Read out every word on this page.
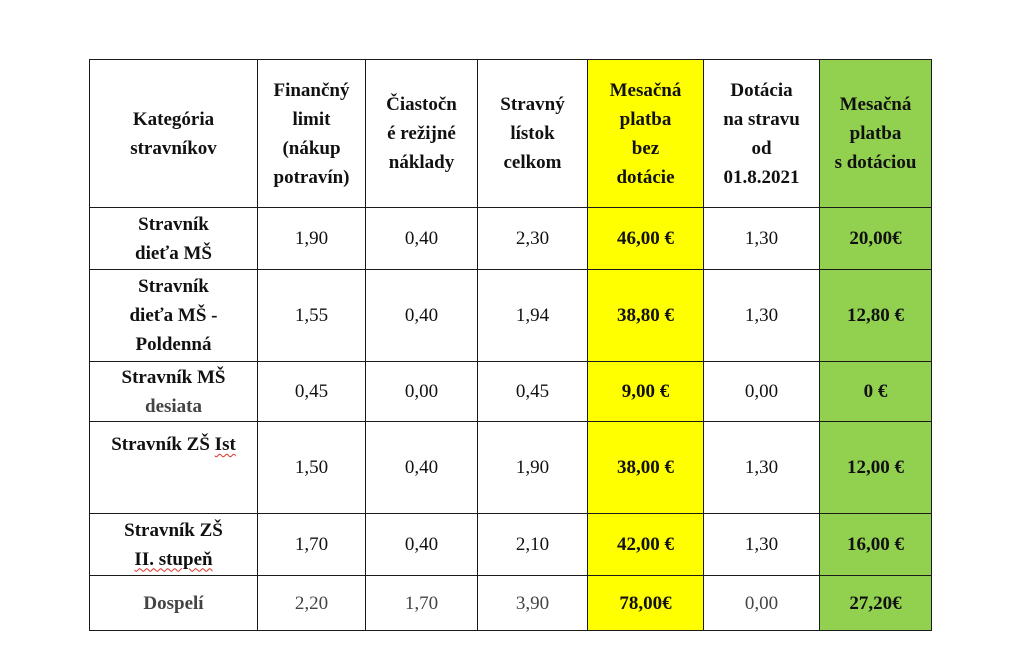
Kategória
stravníkov	Finančný
limit
(nákup
potravín)	Čiastočn
é režijné
náklady	Stravný
lístok
celkom	Mesačná
platba
bez
dotácie	Dotácia
na stravu
od
01.8.2021	Mesačná
platba
s dotáciou
Stravník
dieťa MŠ	1,90	0,40	2,30	46,00 €	1,30	20,00€
Stravník
dieťa MŠ -
Poldenná	1,55	0,40	1,94	38,80 €	1,30	12,80 €
Stravník MŠ
desiata	0,45	0,00	0,45	9,00 €	0,00	0 €
Stravník ZŠ Ist	1,50	0,40	1,90	38,00 €	1,30	12,00 €
Stravník ZŠ
II. stupeň	1,70	0,40	2,10	42,00 €	1,30	16,00 €
Dospelí	2,20	1,70	3,90	78,00€	0,00	27,20€
